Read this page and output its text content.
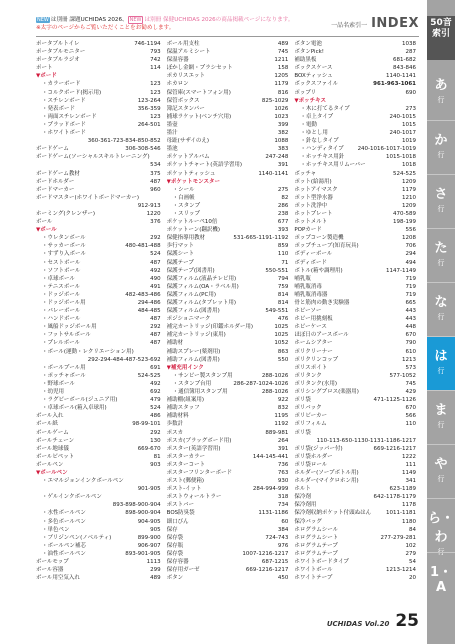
NEW は別冊 課題UCHIDAS 2026、 NEW は別冊 保健UCHIDAS 2026の商品掲載ページになります。
※太字のページからご覧いただくことをお勧めします。	一品名索引一 INDEX
ポータブルトイレ	746-1194
ポータブルモニター	793
ポータブルラジオ	742
ポート	114
▼ボード
・カラーボード	123
・コルクボード(掲示用)	123
・スチレンボード	123-264
・発表ボード	356-359
・両面スチレンボード	123
・プラッドボード	264-501
・ホワイトボード
360-361-723-834-850-852
ボードゲーム	306-308-546
ボードゲーム(ソーシャルスキルトレーニング)
534
ボードゲーム教材	375
ボードホルダー	487
ボードマーカー	960
ボードマスター(ホワイトボードマーカー)
912-913
ホーミング(クレンザー)	1220
ボール	376
▼ボール
・ウレタンボール	292
・サッカーボール	480-481-488
・すずり入ボール	524
・セストボール	487
・ソフトボール	492
・卓球ボール	490
・テニスボール	491
・ドッジボール	482-483-486
・ドッジボール用	294-486
・バレーボール	484-485
・ハンドボール	487
・風船ドッジボール用	292
・フットサルボール	487
・プレルボール	487
・ボール(運動・レクリエーション用)
292-294-484-487-523-692
・ボールプール用	691
・ポッチャボール	524-525
・野球ボール	492
・幼児用	692
・ラグビーボール(ジュニア用)	479
・卓球ボール(箱入卓球用)	524
ボール入れ	486
ボール紙	98-99-101
ボールゲーム	292
ボールチェーン	130
ボール地球儀	669-670
ボールピペット	81
ボールペン	903
▼ボールペン
・エマルジョンインクボールペン
901-905
・ゲルインクボールペン
893-898-900-904
・水性ボールペン	898-900-904
・多色ボールペン	904-905
・単色ペン	905
・ブリジンペン(ノベルティ)	899-900
・ボールペン補芯	906-907
・油性ボールペン	893-901-905
ボールモップ	1113
ボール容器	299
ボール用空気入れ	489
ボール用支柱	489
保温アルミシート	745
保湿容器	1211
ぼかし金網・プラシセット	158
ポカリスエット	1205
ホカロン	1179
保管庫(スマートフォン用)	816
保管ボックス	825-1029
簿記スタンパー	1026
捕球ラケット(ベンチ穴用)	1023
墨壺	399
墨汁	382
母趾(サザイのえ)	1088
墨池	383
ポケットアルバム	247-248
ポケットチャート(英語学習用)	391
ポケットティッシュ	1140-1141
▼ポケットモンスター
・シール	275
・白画帳	82
・スタンプ	286
・スリップ	238
ポケットルーペ10倍	677
ポケットーン(翻訳機)	393
保健指導用教材	531-665-1191-1192
歩行マット	859
保護シート	110
保護テープ	71
保護テープ(図書用)	550-551
保護フィルム(液晶テレビ用)	794
保護フィルム(OA・ラベル用)	759
保護フィルム(PC用)	814
保護フィルム(タブレット用)	814
保護フィルム(図書用)	549-551
ポジショニマーク	476
補完カートリッジ(印鑑ホルダー用)	1025
補完カートリッジ(東用)	1025
補助材	1052
補助スプレー(薬剤用)	863
補助フィルム(図書用)	550
▼補充用インク
・サンビー製スタンプ用	288-1026
・スタンプ台用	286-287-1024-1026
・通信簿用スタンプ用	288-1026
補助棚(組案用)	922
補助スタッフ	832
補助材料	1195
歩数計	1192
ポスカ	889-981
ポスカ(ブラッグボード用)	264
ポスター(英語学習用)	391
ポスターカラー	144-145-441
ポスターコート	736
ポスターフリンターボード	763
ポスト(郵便箱)	930
ポスト-イット	284-994-999
ポストウォールトラー	318
ポストバー	734
BOS防臭袋	1131-1186
細口びん	60
保存	384
保存袋	724-743
保存瓶	976
保存袋	1007-1216-1217
保存容器	687-1215
保存用ガーゼ	669-1216-1217
ボタン	450
ボタン電池	1038
ボタンPick!	287
補助黒板	681-682
ボックスケース	843-846
BOXティッシュ	1140-1141
ボックスファイル	961-963-1061
ポップリ	690
▼ポッチキス
・木に打てるタイプ	273
・卓上タイプ	240-1015
・電動	1015
・ゆとし用	240-1017
・針なしタイプ	1019
・ハンディタイプ	240-1016-1017-1019
・ホッチキス用針	1015-1018
・ホッチキス用リムーバー	1018
ボッチャ	524-525
ポット(給湯用)	1209
ホットアイマスク	1179
ポット型浄水器	1210
ポット洗浄中	1209
ホットプレート	470-589
ホットメルト	198-199
POPカード	556
ポップコーン製造機	1208
ポップチューブ(知育玩具)	706
ボディーボール	294
ボディボード	494
ボトル(箱や調理用)	1147-1149
哺乳瓶	719
哺乳瓶消毒	719
哺乳瓶消毒器	719
骨と筋肉の動き実験器	665
ホビーソー	443
ホビー用挑刻板	443
ホビーケース	448
ほぼ日のアースボール	670
ホームシアター	790
ポリクリーナー	610
ポリクリンコップ	1213
ポリスポイト	573
ポリタンク	577-1052
ポリタンク(水用)	745
ポリシングプロス(楽器用)	429
ポリ袋	471-1125-1126
ポリバック	670
ポリビーカー	566
ポリフィルム	110
ポリ袋
110-113-650-1130-1131-1186-1217
ポリ袋(ジッパー付)	669-1216-1217
ポリ袋ホルダー	1222
ポリ袋ロール	111
ホルダー(ソープボトル用)	1149
ホルダー(マイクロホン用)	341
ホルト	623-1189
保冷剤	642-1178-1179
保冷剤用	1178
保冷剤収納ポケット付頭ぬはん	1011-1181
保冷バッグ	1180
ホログラムシール	84
ホログラムシート	277-279-281
ホログラムテープ	102
ホログラムテープ	279
ホワイトボードタイプ	54
ホワイトボール	1213-1214
ホワイトテープ	20
UCHIDAS Vol.20 25
50音索引
あ
行
か
行
さ
行
た
行
な
行
は
行
ま
行
や
行
ら・わ
行
1・A
